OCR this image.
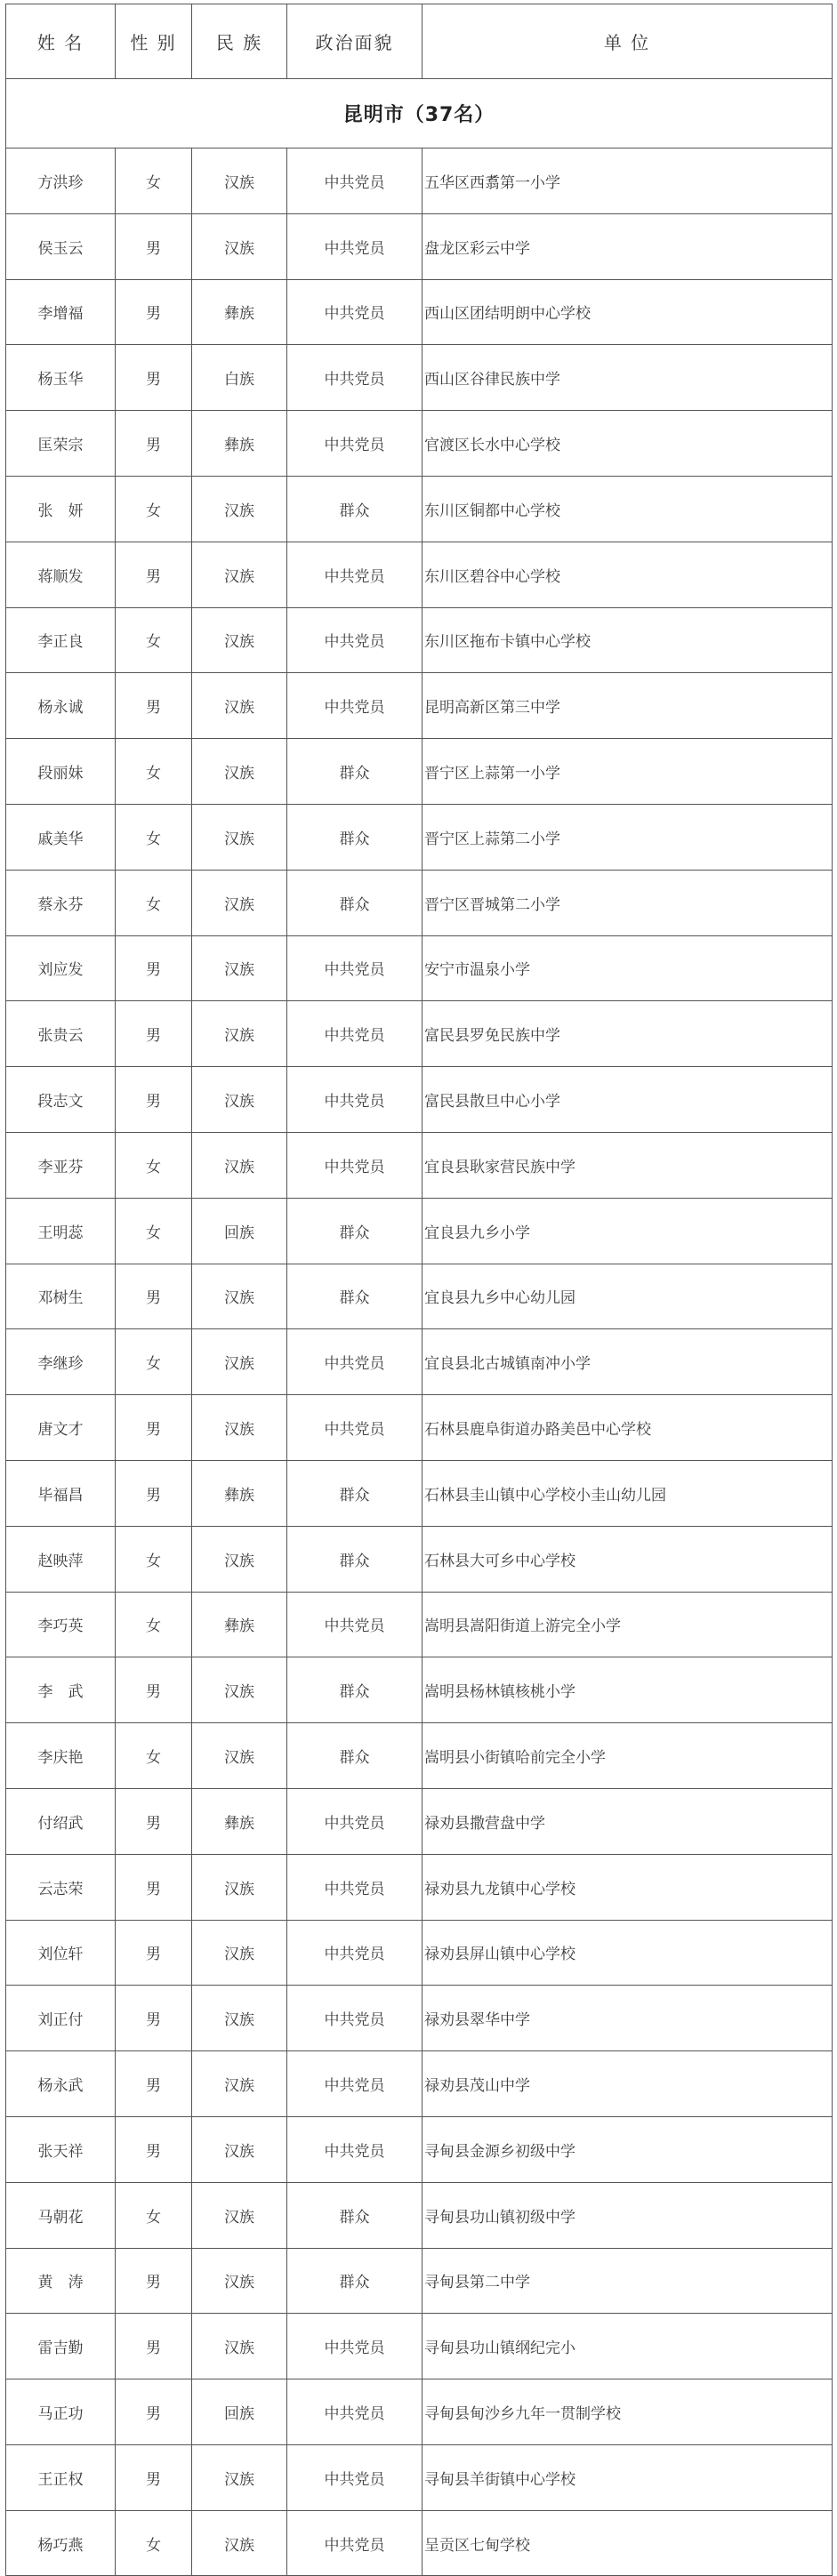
姓 名	性 别	民 族	政治面貌	单 位
昆明市（37名）				
方洪珍	女	汉族	中共党员	五华区西翥第一小学
侯玉云	男	汉族	中共党员	盘龙区彩云中学
李增福	男	彝族	中共党员	西山区团结明朗中心学校
杨玉华	男	白族	中共党员	西山区谷律民族中学
匡荣宗	男	彝族	中共党员	官渡区长水中心学校
张　妍	女	汉族	群众	东川区铜都中心学校
蒋顺发	男	汉族	中共党员	东川区碧谷中心学校
李正良	女	汉族	中共党员	东川区拖布卡镇中心学校
杨永诚	男	汉族	中共党员	昆明高新区第三中学
段丽妹	女	汉族	群众	晋宁区上蒜第一小学
戚美华	女	汉族	群众	晋宁区上蒜第二小学
蔡永芬	女	汉族	群众	晋宁区晋城第二小学
刘应发	男	汉族	中共党员	安宁市温泉小学
张贵云	男	汉族	中共党员	富民县罗免民族中学
段志文	男	汉族	中共党员	富民县散旦中心小学
李亚芬	女	汉族	中共党员	宜良县耿家营民族中学
王明蕊	女	回族	群众	宜良县九乡小学
邓树生	男	汉族	群众	宜良县九乡中心幼儿园
李继珍	女	汉族	中共党员	宜良县北古城镇南冲小学
唐文才	男	汉族	中共党员	石林县鹿阜街道办路美邑中心学校
毕福昌	男	彝族	群众	石林县圭山镇中心学校小圭山幼儿园
赵映萍	女	汉族	群众	石林县大可乡中心学校
李巧英	女	彝族	中共党员	嵩明县嵩阳街道上游完全小学
李　武	男	汉族	群众	嵩明县杨林镇核桃小学
李庆艳	女	汉族	群众	嵩明县小街镇哈前完全小学
付绍武	男	彝族	中共党员	禄劝县撒营盘中学
云志荣	男	汉族	中共党员	禄劝县九龙镇中心学校
刘位轩	男	汉族	中共党员	禄劝县屏山镇中心学校
刘正付	男	汉族	中共党员	禄劝县翠华中学
杨永武	男	汉族	中共党员	禄劝县茂山中学
张天祥	男	汉族	中共党员	寻甸县金源乡初级中学
马朝花	女	汉族	群众	寻甸县功山镇初级中学
黄　涛	男	汉族	群众	寻甸县第二中学
雷吉勤	男	汉族	中共党员	寻甸县功山镇纲纪完小
马正功	男	回族	中共党员	寻甸县甸沙乡九年一贯制学校
王正权	男	汉族	中共党员	寻甸县羊街镇中心学校
杨巧燕	女	汉族	中共党员	呈贡区七甸学校
